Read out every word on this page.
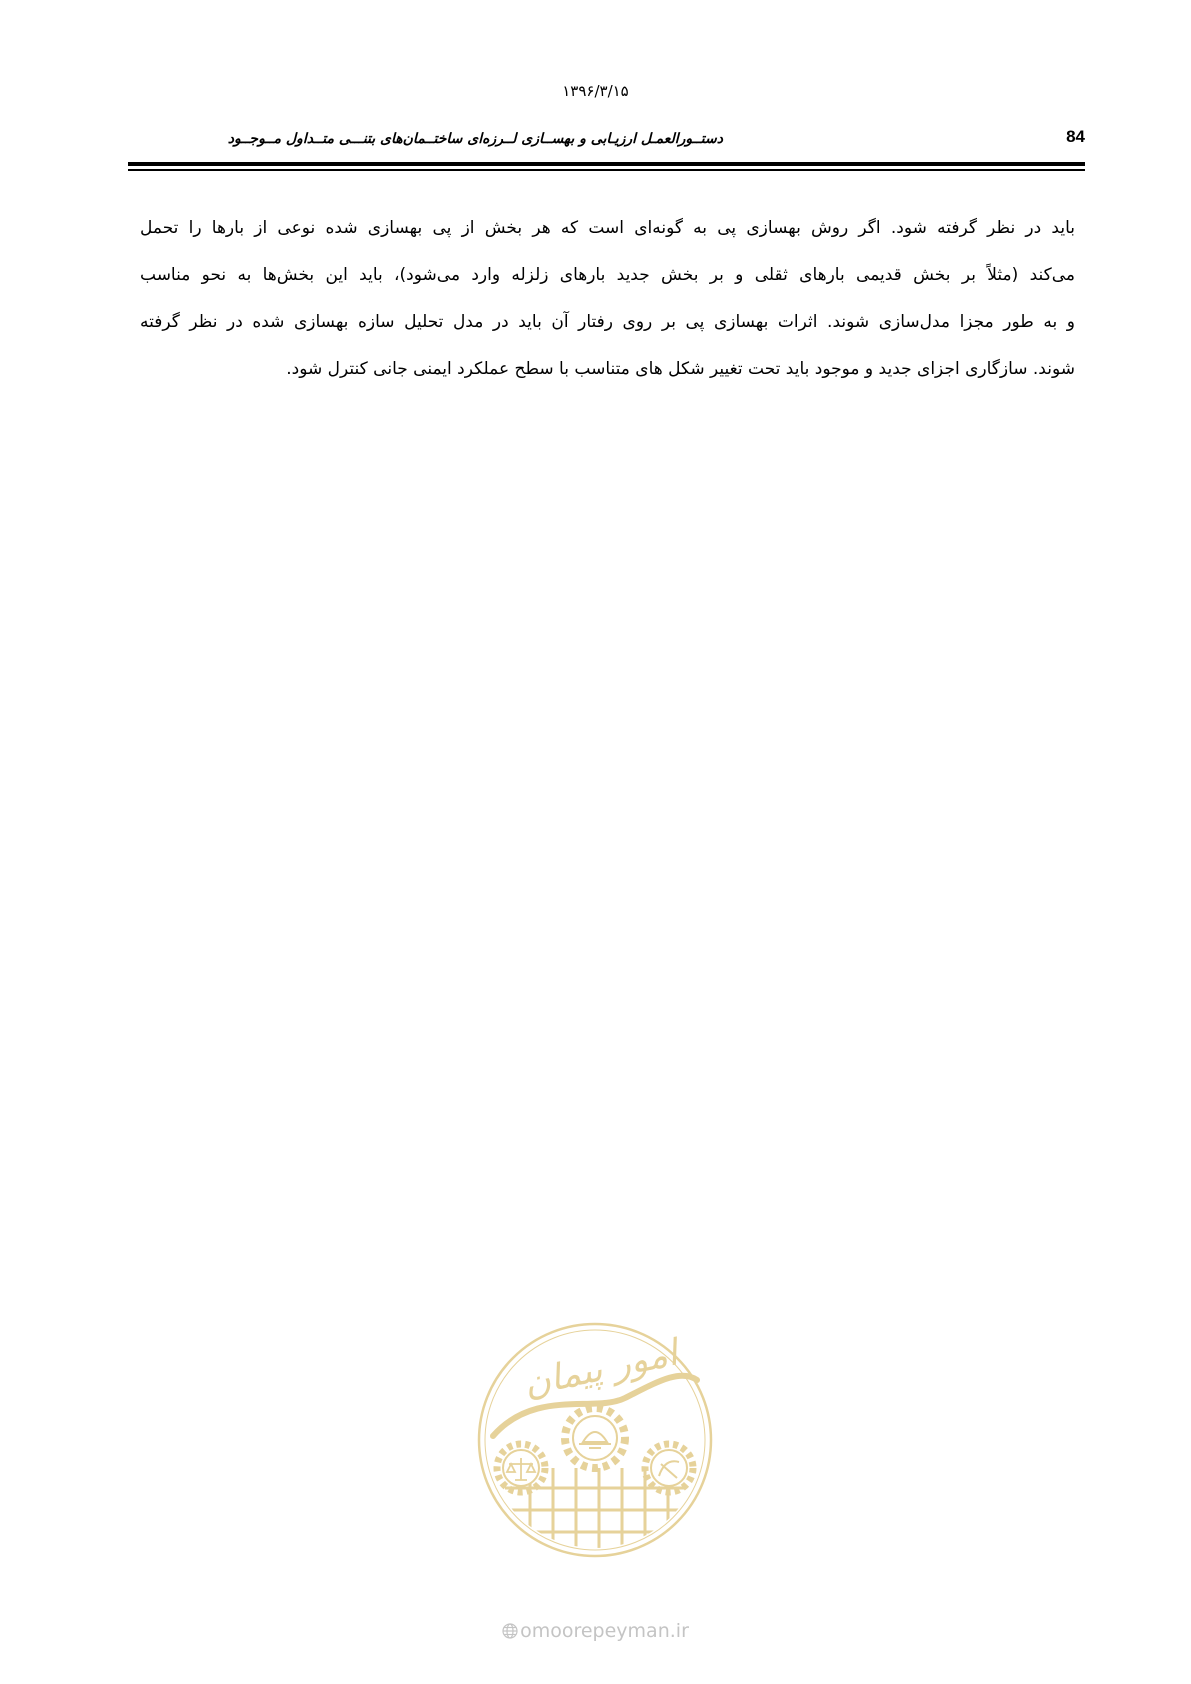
۱۳۹۶/۳/۱۵
84
دستــورالعمـل ارزیـابی و بهســازی لــرزه‌ای ساختــمان‌های بتنـــی متــداول مــوجــود
باید در نظر گرفته شود. اگر روش بهسازی پی به گونه‌ای است که هر بخش از پی بهسازی شده نوعی از بارها را تحمل
می‌کند (مثلاً بر بخش قدیمی بارهای ثقلی و بر بخش جدید بارهای زلزله وارد می‌شود)، باید این بخش‌ها به نحو مناسب
و به طور مجزا مدل‌سازی شوند. اثرات بهسازی پی بر روی رفتار آن باید در مدل تحلیل سازه بهسازی شده در نظر گرفته
شوند. سازگاری اجزای جدید و موجود باید تحت تغییر شکل های متناسب با سطح عملکرد ایمنی جانی کنترل شود.
امور پیمان
omoorepeyman.ir
